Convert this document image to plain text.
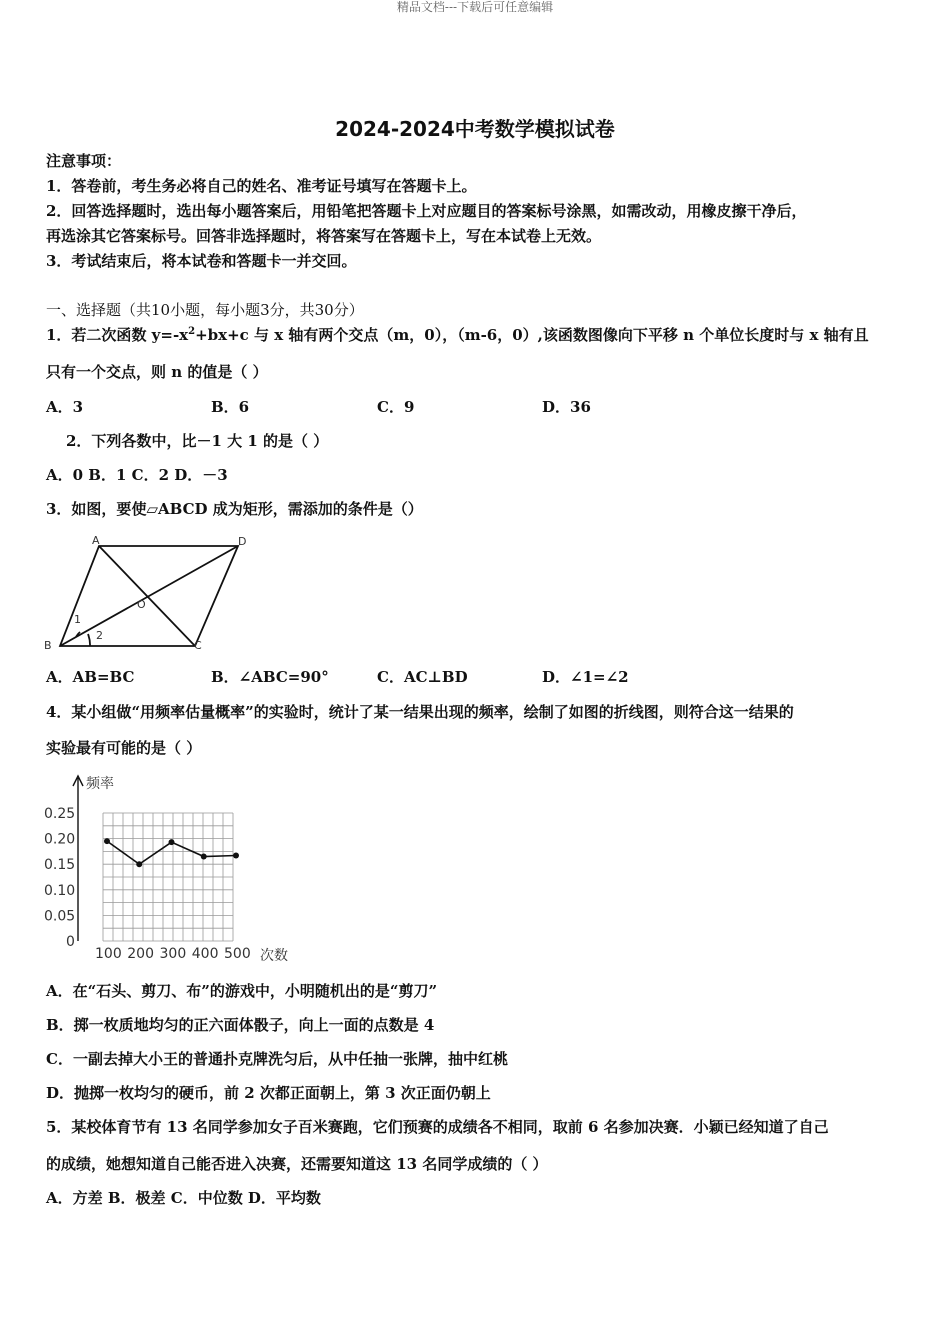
精品文档---下载后可任意编辑
2024-2024中考数学模拟试卷
注意事项：
1．答卷前，考生务必将自己的姓名、准考证号填写在答题卡上。
2．回答选择题时，选出每小题答案后，用铅笔把答题卡上对应题目的答案标号涂黑，如需改动，用橡皮擦干净后，
再选涂其它答案标号。回答非选择题时，将答案写在答题卡上，写在本试卷上无效。
3．考试结束后，将本试卷和答题卡一并交回。
一、选择题（共10小题，每小题3分，共30分）
1．若二次函数 $y=-x^2+bx+c$ 与 x 轴有两个交点（m，0），（m-6，0）,该函数图像向下平移 n 个单位长度时与 x 轴有且
只有一个交点，则 n 的值是（ ）
A．3	B．6	C．9	D．36
2．下列各数中，比－1 大 1 的是（ ）
A．0 B．1 C．2 D．－3
3．如图，要使▱ABCD 成为矩形，需添加的条件是（）
A	D
B	C
O
1
2
A．AB=BC	B．∠ABC=90°	C．AC⊥BD	D．∠1=∠2
4．某小组做“用频率估量概率”的实验时，统计了某一结果出现的频率，绘制了如图的折线图，则符合这一结果的
实验最有可能的是（ ）
频率
次数
0
0.05
0.10
0.15
0.20
0.25
100 200 300 400 500
A．在“石头、剪刀、布”的游戏中，小明随机出的是“剪刀”
B．掷一枚质地均匀的正六面体骰子，向上一面的点数是 4
C．一副去掉大小王的普通扑克牌洗匀后，从中任抽一张牌，抽中红桃
D．抛掷一枚均匀的硬币，前 2 次都正面朝上，第 3 次正面仍朝上
5．某校体育节有 13 名同学参加女子百米赛跑，它们预赛的成绩各不相同，取前 6 名参加决赛．小颖已经知道了自己
的成绩，她想知道自己能否进入决赛，还需要知道这 13 名同学成绩的（ ）
A．方差 B．极差 C．中位数 D．平均数
